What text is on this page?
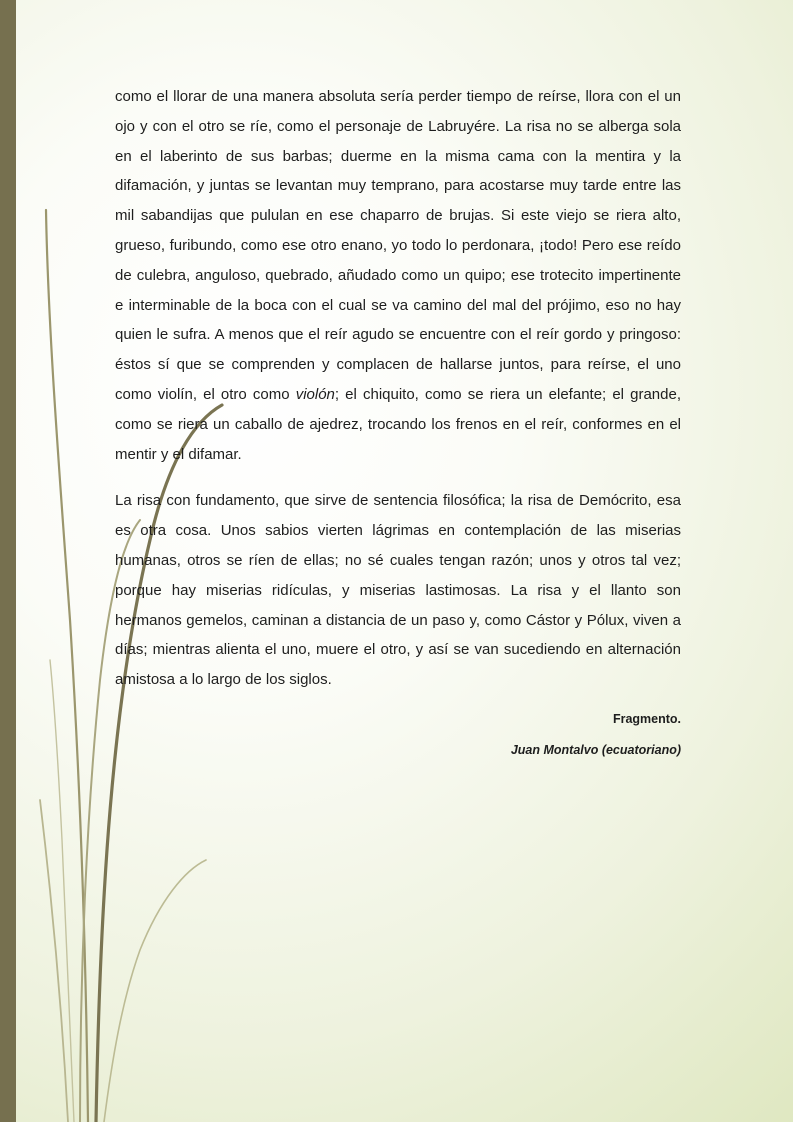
como el llorar de una manera absoluta sería perder tiempo de reírse, llora con el un ojo y con el otro se ríe, como el personaje de Labruyére. La risa no se alberga sola en el laberinto de sus barbas; duerme en la misma cama con la mentira y la difamación, y juntas se levantan muy temprano, para acostarse muy tarde entre las mil sabandijas que pululan en ese chaparro de brujas. Si este viejo se riera alto, grueso, furibundo, como ese otro enano, yo todo lo perdonara, ¡todo! Pero ese reído de culebra, anguloso, quebrado, añudado como un quipo; ese trotecito impertinente e interminable de la boca con el cual se va camino del mal del prójimo, eso no hay quien le sufra. A menos que el reír agudo se encuentre con el reír gordo y pringoso: éstos sí que se comprenden y complacen de hallarse juntos, para reírse, el uno como violín, el otro como violón; el chiquito, como se riera un elefante; el grande, como se riera un caballo de ajedrez, trocando los frenos en el reír, conformes en el mentir y el difamar.

La risa con fundamento, que sirve de sentencia filosófica; la risa de Demócrito, esa es otra cosa. Unos sabios vierten lágrimas en contemplación de las miserias humanas, otros se ríen de ellas; no sé cuales tengan razón; unos y otros tal vez; porque hay miserias ridículas, y miserias lastimosas. La risa y el llanto son hermanos gemelos, caminan a distancia de un paso y, como Cástor y Pólux, viven a días; mientras alienta el uno, muere el otro, y así se van sucediendo en alternación amistosa a lo largo de los siglos.

Fragmento.

Juan Montalvo (ecuatoriano)
